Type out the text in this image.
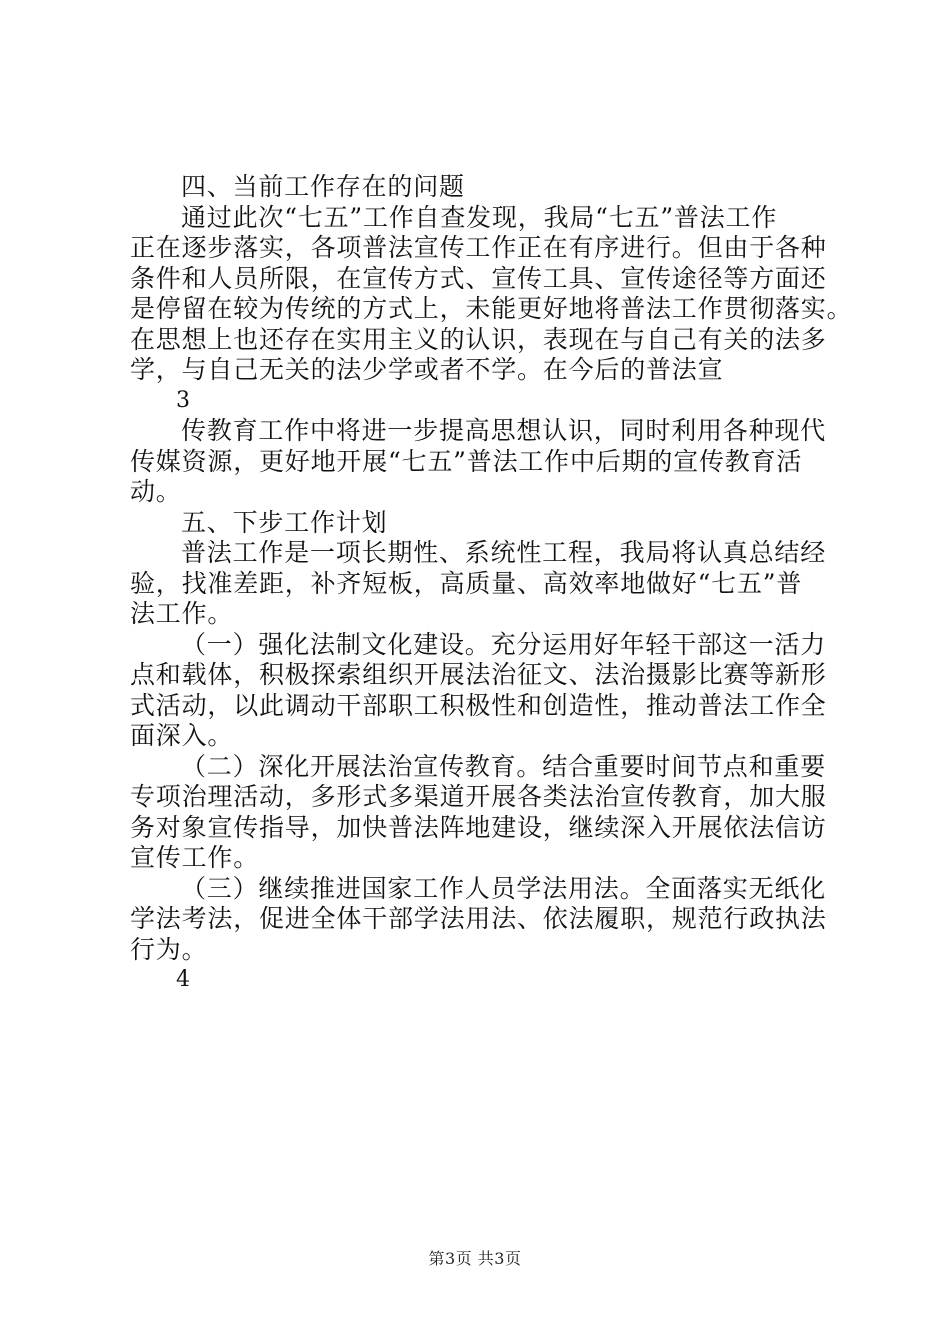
四、当前工作存在的问题
通过此次“七五”工作自查发现，我局“七五”普法工作
正在逐步落实，各项普法宣传工作正在有序进行。但由于各种
条件和人员所限，在宣传方式、宣传工具、宣传途径等方面还
是停留在较为传统的方式上，未能更好地将普法工作贯彻落实。
在思想上也还存在实用主义的认识，表现在与自己有关的法多
学，与自己无关的法少学或者不学。在今后的普法宣
3
传教育工作中将进一步提高思想认识，同时利用各种现代
传媒资源，更好地开展“七五”普法工作中后期的宣传教育活
动。
五、下步工作计划
普法工作是一项长期性、系统性工程，我局将认真总结经
验，找准差距，补齐短板，高质量、高效率地做好“七五”普
法工作。
（一）强化法制文化建设。充分运用好年轻干部这一活力
点和载体，积极探索组织开展法治征文、法治摄影比赛等新形
式活动，以此调动干部职工积极性和创造性，推动普法工作全
面深入。
（二）深化开展法治宣传教育。结合重要时间节点和重要
专项治理活动，多形式多渠道开展各类法治宣传教育，加大服
务对象宣传指导，加快普法阵地建设，继续深入开展依法信访
宣传工作。
（三）继续推进国家工作人员学法用法。全面落实无纸化
学法考法，促进全体干部学法用法、依法履职，规范行政执法
行为。
4
第3页 共3页
